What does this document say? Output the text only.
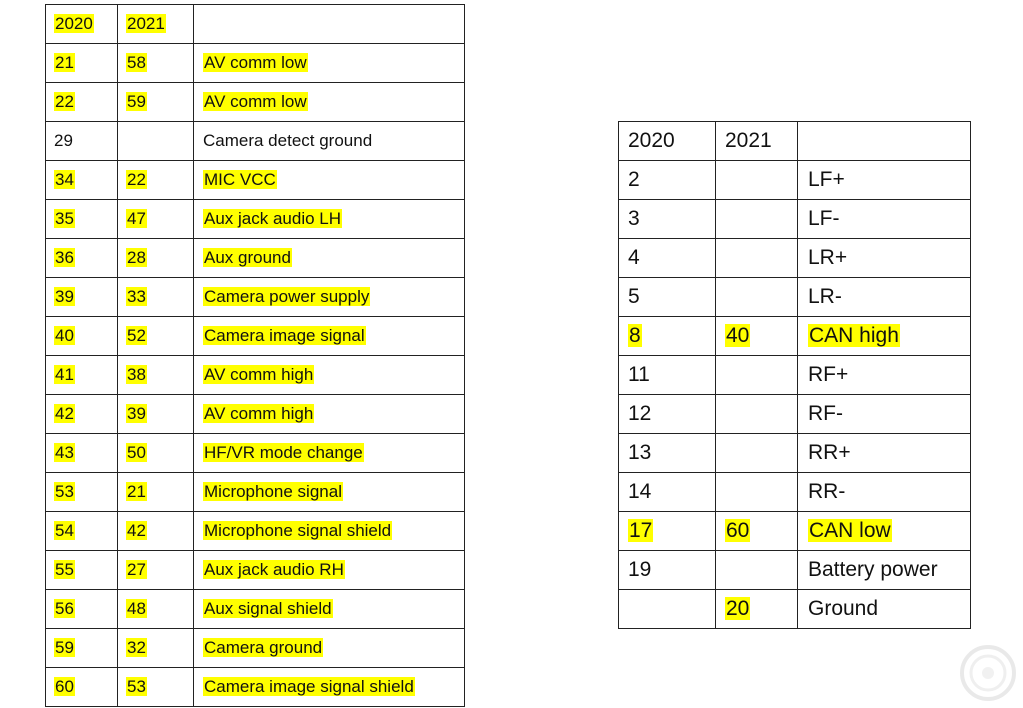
2020	2021	
21	58	AV comm low
22	59	AV comm low
29		Camera detect ground
34	22	MIC VCC
35	47	Aux jack audio LH
36	28	Aux ground
39	33	Camera power supply
40	52	Camera image signal
41	38	AV comm high
42	39	AV comm high
43	50	HF/VR mode change
53	21	Microphone signal
54	42	Microphone signal shield
55	27	Aux jack audio RH
56	48	Aux signal shield
59	32	Camera ground
60	53	Camera image signal shield
2020	2021	
2		LF+
3		LF-
4		LR+
5		LR-
8	40	CAN high
11		RF+
12		RF-
13		RR+
14		RR-
17	60	CAN low
19		Battery power
	20	Ground
